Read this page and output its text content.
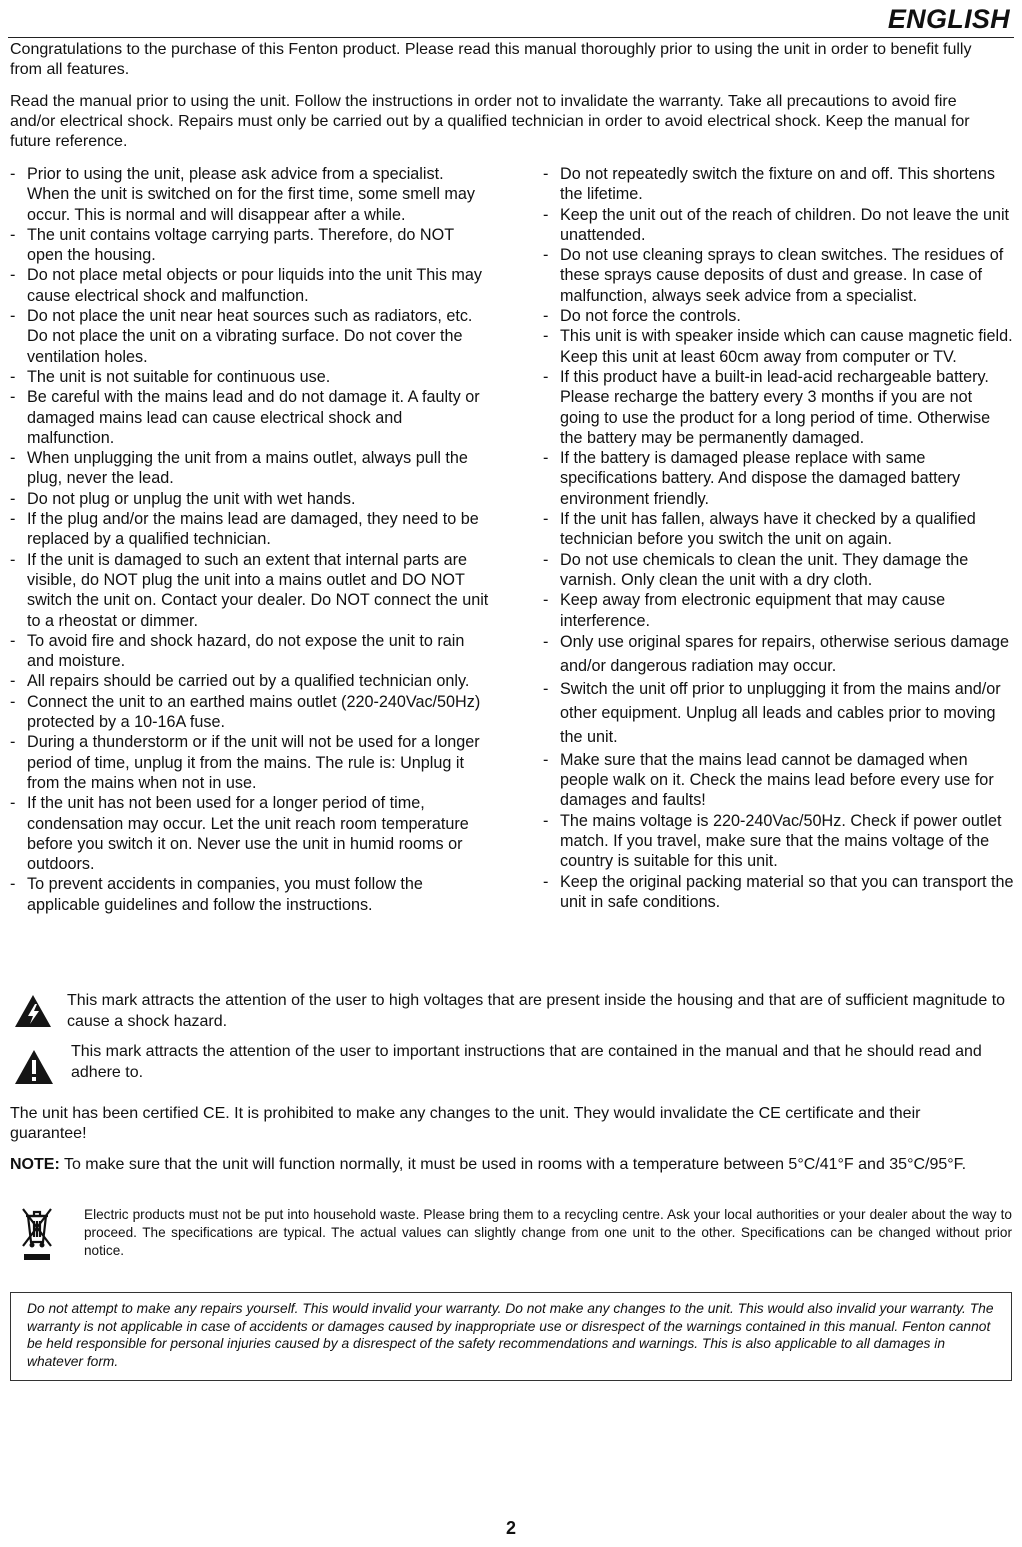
ENGLISH

Congratulations to the purchase of this Fenton product. Please read this manual thoroughly prior to using the unit in order to benefit fully from all features.

Read the manual prior to using the unit. Follow the instructions in order not to invalidate the warranty. Take all precautions to avoid fire and/or electrical shock. Repairs must only be carried out by a qualified technician in order to avoid electrical shock. Keep the manual for future reference.

- Prior to using the unit, please ask advice from a specialist. When the unit is switched on for the first time, some smell may occur. This is normal and will disappear after a while.
- The unit contains voltage carrying parts. Therefore, do NOT open the housing.
- Do not place metal objects or pour liquids into the unit This may cause electrical shock and malfunction.
- Do not place the unit near heat sources such as radiators, etc. Do not place the unit on a vibrating surface. Do not cover the ventilation holes.
- The unit is not suitable for continuous use.
- Be careful with the mains lead and do not damage it. A faulty or damaged mains lead can cause electrical shock and malfunction.
- When unplugging the unit from a mains outlet, always pull the plug, never the lead.
- Do not plug or unplug the unit with wet hands.
- If the plug and/or the mains lead are damaged, they need to be replaced by a qualified technician.
- If the unit is damaged to such an extent that internal parts are visible, do NOT plug the unit into a mains outlet and DO NOT switch the unit on. Contact your dealer. Do NOT connect the unit to a rheostat or dimmer.
- To avoid fire and shock hazard, do not expose the unit to rain and moisture.
- All repairs should be carried out by a qualified technician only.
- Connect the unit to an earthed mains outlet (220-240Vac/50Hz) protected by a 10-16A fuse.
- During a thunderstorm or if the unit will not be used for a longer period of time, unplug it from the mains. The rule is: Unplug it from the mains when not in use.
- If the unit has not been used for a longer period of time, condensation may occur. Let the unit reach room temperature before you switch it on. Never use the unit in humid rooms or outdoors.
- To prevent accidents in companies, you must follow the applicable guidelines and follow the instructions.
- Do not repeatedly switch the fixture on and off. This shortens the lifetime.
- Keep the unit out of the reach of children. Do not leave the unit unattended.
- Do not use cleaning sprays to clean switches. The residues of these sprays cause deposits of dust and grease. In case of malfunction, always seek advice from a specialist.
- Do not force the controls.
- This unit is with speaker inside which can cause magnetic field. Keep this unit at least 60cm away from computer or TV.
- If this product have a built-in lead-acid rechargeable battery. Please recharge the battery every 3 months if you are not going to use the product for a long period of time. Otherwise the battery may be permanently damaged.
- If the battery is damaged please replace with same specifications battery. And dispose the damaged battery environment friendly.
- If the unit has fallen, always have it checked by a qualified technician before you switch the unit on again.
- Do not use chemicals to clean the unit. They damage the varnish. Only clean the unit with a dry cloth.
- Keep away from electronic equipment that may cause interference.
- Only use original spares for repairs, otherwise serious damage and/or dangerous radiation may occur.
- Switch the unit off prior to unplugging it from the mains and/or other equipment. Unplug all leads and cables prior to moving the unit.
- Make sure that the mains lead cannot be damaged when people walk on it. Check the mains lead before every use for damages and faults!
- The mains voltage is 220-240Vac/50Hz. Check if power outlet match. If you travel, make sure that the mains voltage of the country is suitable for this unit.
- Keep the original packing material so that you can transport the unit in safe conditions.
This mark attracts the attention of the user to high voltages that are present inside the housing and that are of sufficient magnitude to cause a shock hazard.
This mark attracts the attention of the user to important instructions that are contained in the manual and that he should read and adhere to.

The unit has been certified CE. It is prohibited to make any changes to the unit. They would invalidate the CE certificate and their guarantee!

NOTE: To make sure that the unit will function normally, it must be used in rooms with a temperature between 5°C/41°F and 35°C/95°F.

Electric products must not be put into household waste. Please bring them to a recycling centre. Ask your local authorities or your dealer about the way to proceed. The specifications are typical. The actual values can slightly change from one unit to the other. Specifications can be changed without prior notice.
Do not attempt to make any repairs yourself. This would invalid your warranty. Do not make any changes to the unit. This would also invalid your warranty. The warranty is not applicable in case of accidents or damages caused by inappropriate use or disrespect of the warnings contained in this manual. Fenton cannot be held responsible for personal injuries caused by a disrespect of the safety recommendations and warnings. This is also applicable to all damages in whatever form.
2
